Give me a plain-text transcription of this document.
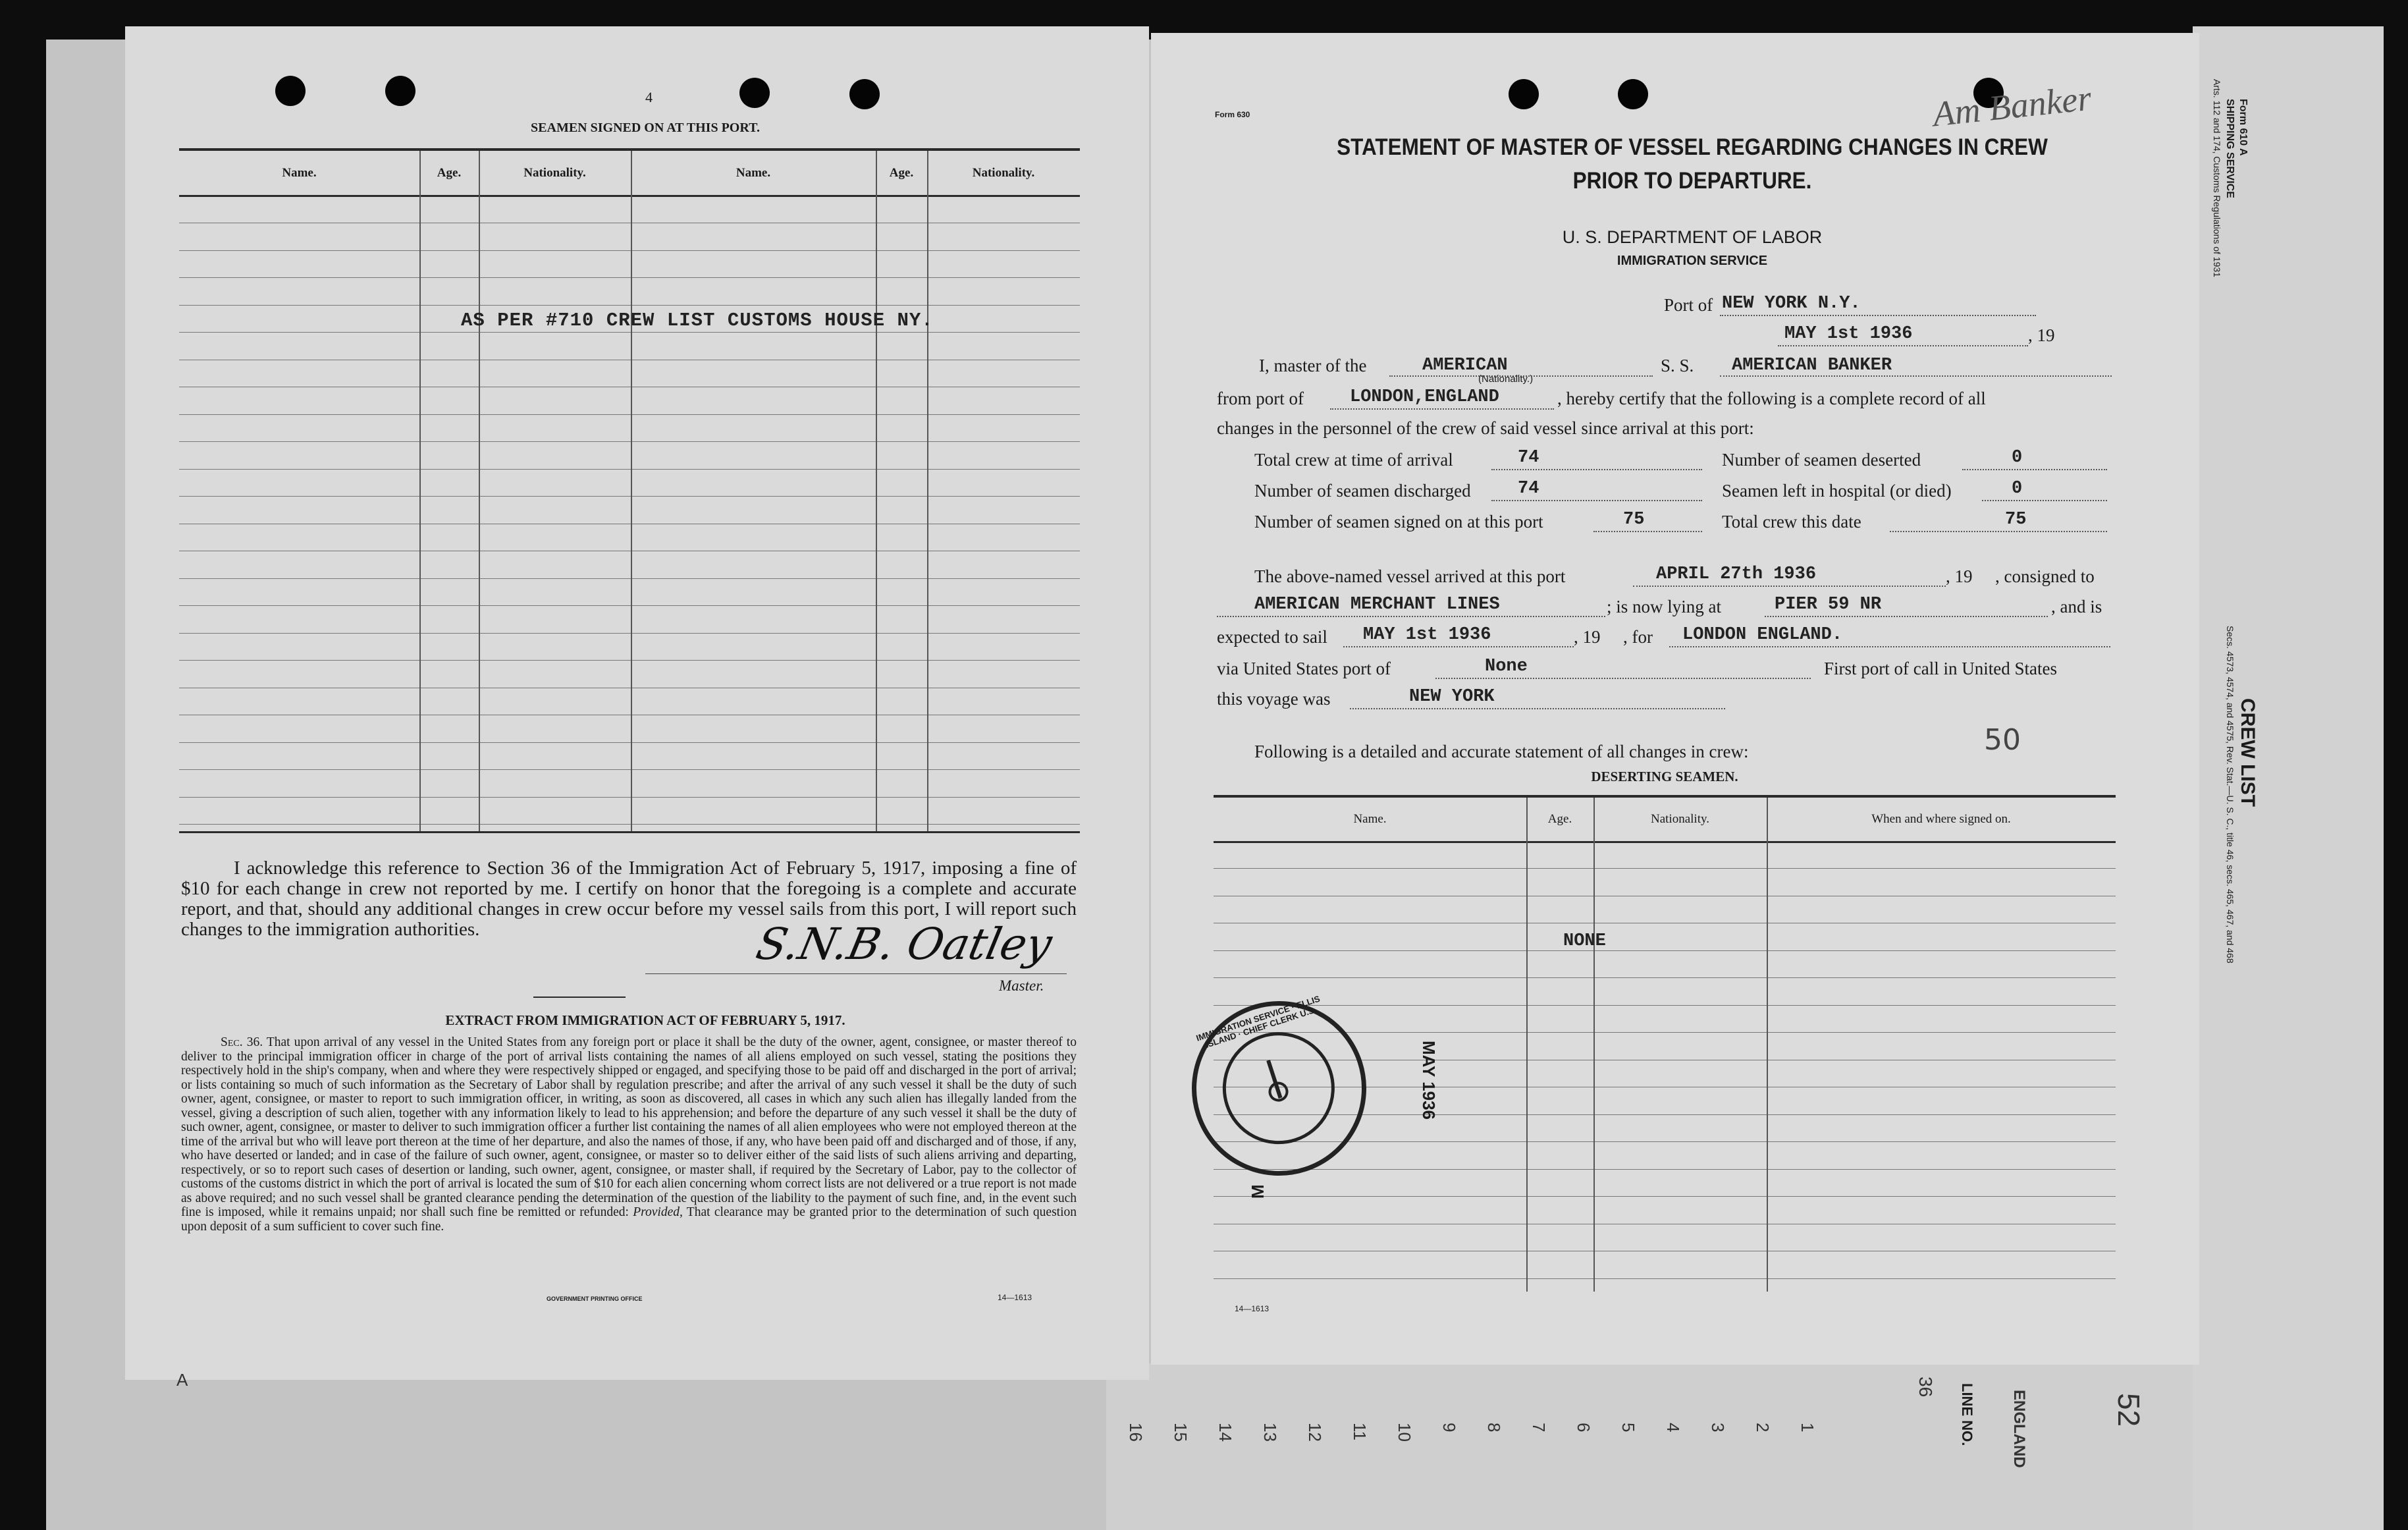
16 15 14 13 12 11 10 9 8 7 6 5 4 3 2 1	LINE NO. ENGLAND
36
52
Form 610 A
SHIPPING SERVICE
Arts. 112 and 174, Customs Regulations of 1931
CREW LIST
Secs. 4573, 4574, and 4575, Rev. Stat.—U. S. C., title 46, secs. 465, 467, and 468
4
SEAMEN SIGNED ON AT THIS PORT.
Name.	Age.	Nationality.	Name.	Age.	Nationality.
AS PER #710 CREW LIST CUSTOMS HOUSE NY.
I acknowledge this reference to Section 36 of the Immigration Act of February 5, 1917, imposing a fine of $10 for each change in crew not reported by me. I certify on honor that the foregoing is a complete and accurate report, and that, should any additional changes in crew occur before my vessel sails from this port, I will report such changes to the immigration authorities.	S.N.B. Oatley
Master.
EXTRACT FROM IMMIGRATION ACT OF FEBRUARY 5, 1917.
Sec. 36. That upon arrival of any vessel in the United States from any foreign port or place it shall be the duty of the owner, agent, consignee, or master thereof to deliver to the principal immigration officer in charge of the port of arrival lists containing the names of all aliens employed on such vessel, stating the positions they respectively hold in the ship's company, when and where they were respectively shipped or engaged, and specifying those to be paid off and discharged in the port of arrival; or lists containing so much of such information as the Secretary of Labor shall by regulation prescribe; and after the arrival of any such vessel it shall be the duty of such owner, agent, consignee, or master to report to such immigration officer, in writing, as soon as discovered, all cases in which any such alien has illegally landed from the vessel, giving a description of such alien, together with any information likely to lead to his apprehension; and before the departure of any such vessel it shall be the duty of such owner, agent, consignee, or master to deliver to such immigration officer a further list containing the names of all alien employees who were not employed thereon at the time of the arrival but who will leave port thereon at the time of her departure, and also the names of those, if any, who have been paid off and discharged and of those, if any, who have deserted or landed; and in case of the failure of such owner, agent, consignee, or master so to deliver either of the said lists of such aliens arriving and departing, respectively, or so to report such cases of desertion or landing, such owner, agent, consignee, or master shall, if required by the Secretary of Labor, pay to the collector of customs of the customs district in which the port of arrival is located the sum of $10 for each alien concerning whom correct lists are not delivered or a true report is not made as above required; and no such vessel shall be granted clearance pending the determination of the question of the liability to the payment of such fine, and, in the event such fine is imposed, while it remains unpaid; nor shall such fine be remitted or refunded: Provided, That clearance may be granted prior to the determination of such question upon deposit of a sum sufficient to cover such fine.
GOVERNMENT PRINTING OFFICE	14—1613
A
Form 630	Am Banker
STATEMENT OF MASTER OF VESSEL REGARDING CHANGES IN CREW
PRIOR TO DEPARTURE.
U. S. DEPARTMENT OF LABOR
IMMIGRATION SERVICE
Port of NEW YORK N.Y.
MAY 1st 1936	, 19
I, master of the	AMERICAN
(Nationality.)
S. S. AMERICAN BANKER
from port of	LONDON,ENGLAND	, hereby certify that the following is a complete record of all
changes in the personnel of the crew of said vessel since arrival at this port:
Total crew at time of arrival	74	Number of seamen deserted	0
Number of seamen discharged	74	Seamen left in hospital (or died)	0
Number of seamen signed on at this port	75	Total crew this date	75
The above-named vessel arrived at this port	APRIL 27th 1936	, 19 , consigned to
AMERICAN MERCHANT LINES	; is now lying at	PIER 59 NR	, and is
expected to sail MAY 1st 1936	, 19 , for LONDON ENGLAND.
via United States port of	None	First port of call in United States
this voyage was	NEW YORK
Following is a detailed and accurate statement of all changes in crew:	50
DESERTING SEAMEN.
Name.	Age.	Nationality.	When and where signed on.
NONE
IMMIGRATION SERVICE · ELLIS ISLAND · CHIEF CLERK U.S.
MAY 1936
M
14—1613
